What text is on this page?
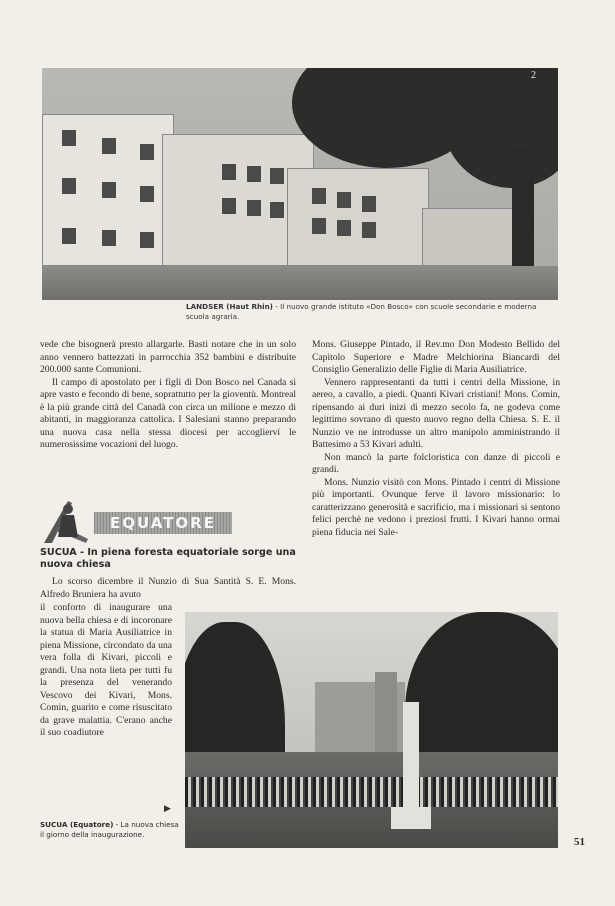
2
LANDSER (Haut Rhin) - Il nuovo grande istituto «Don Bosco» con scuole secondarie e moderna scuola agraria.

vede che bisognerà presto allargarle. Basti notare che in un solo anno vennero battezzati in parrocchia 352 bambini e distribuite 200.000 sante Comunioni.

Il campo di apostolato per i figli di Don Bosco nel Canada si apre vasto e fecondo di bene, soprattutto per la gioventù. Montreal è la più grande città del Canadà con circa un milione e mezzo di abitanti, in maggioranza cattolica. I Salesiani stanno preparando una nuova casa nella stessa diocesi per accoglierví le numerosissime vocazioni del luogo.

EQUATORE
SUCUA - In piena foresta equatoriale sorge una nuova chiesa

Lo scorso dicembre il Nunzio di Sua Santità S. E. Mons. Alfredo Bruniera ha avuto

il conforto di inaugurare una nuova bella chiesa e di incoronare la statua di Maria Ausiliatrice in piena Missione, circondato da una vera folla di Kivari, piccoli e grandi. Una nota lieta per tutti fu la presenza del venerando Vescovo dei Kivari, Mons. Comin, guarito e come risuscitato da grave malattia. C'erano anche il suo coadiutore

Mons. Giuseppe Pintado, il Rev.mo Don Modesto Bellido del Capitolo Superiore e Madre Melchiorina Biancardi del Consiglio Generalizio delle Figlie di Maria Ausiliatrice.

Vennero rappresentanti da tutti i centri della Missione, in aereo, a cavallo, a piedi. Quanti Kivari cristiani! Mons. Comin, ripensando ai duri inizi di mezzo secolo fa, ne godeva come legittimo sovrano di questo nuovo regno della Chiesa. S. E. il Nunzio ve ne introdusse un altro manipolo amministrando il Battesimo a 53 Kivari adulti.

Non mancò la parte folcloristica con danze di piccoli e grandi.

Mons. Nunzio visitò con Mons. Pintado i centri di Missione più importanti. Ovunque ferve il lavoro missionario: lo caratterizzano generosità e sacrificio, ma i missionari si sentono felici perchè ne vedono i preziosi frutti. I Kivari hanno ormai piena fiducia nei Sale-

▶
SUCUA (Equatore) - La nuova chiesa il giorno della inaugurazione.
51
